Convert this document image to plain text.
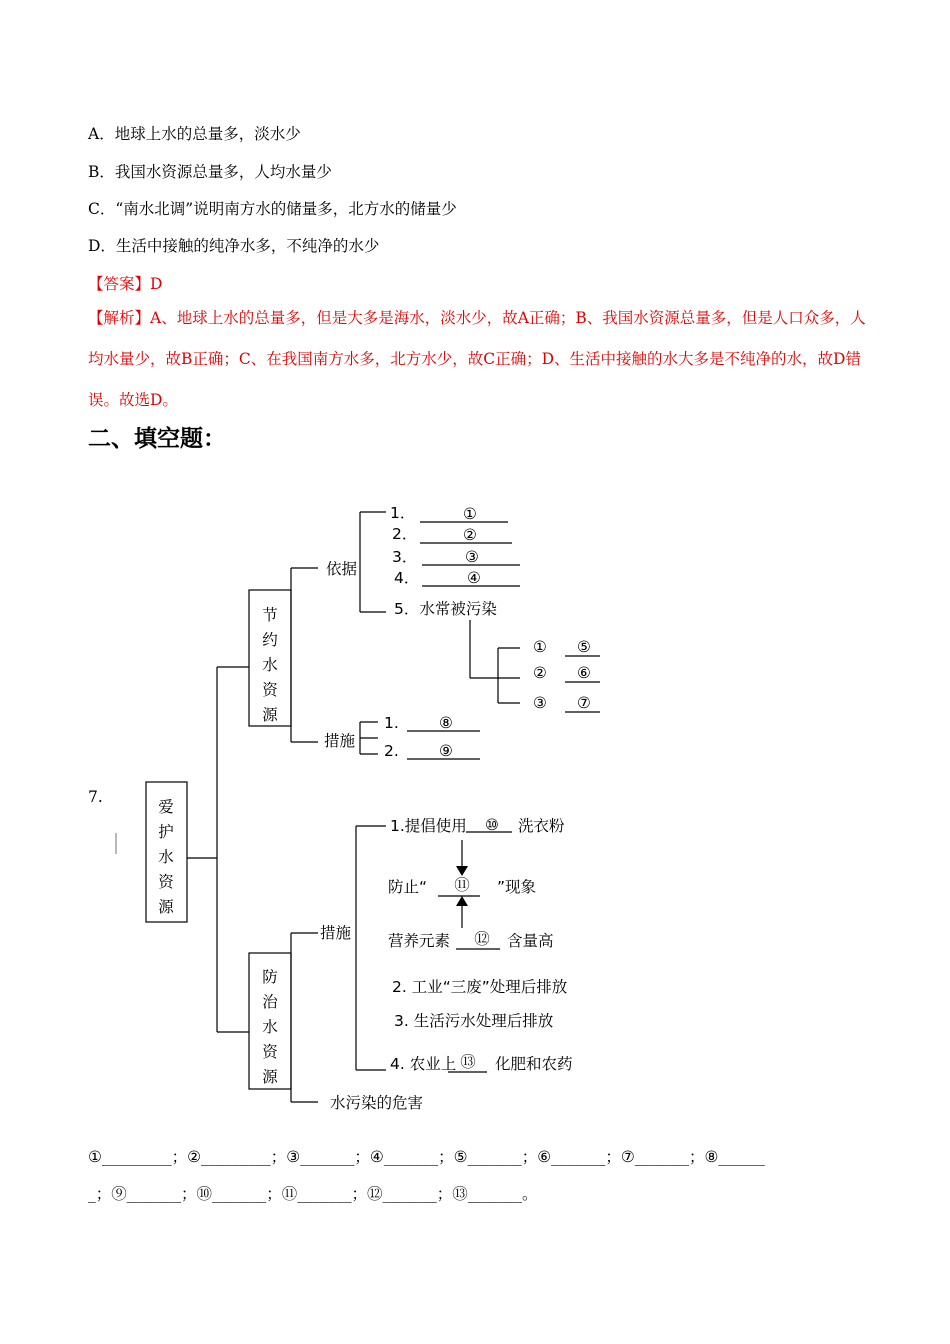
A．地球上水的总量多，淡水少
B．我国水资源总量多，人均水量少
C．“南水北调”说明南方水的储量多，北方水的储量少
D．生活中接触的纯净水多，不纯净的水少
【答案】D
【解析】A、地球上水的总量多，但是大多是海水，淡水少，故A正确；B、我国水资源总量多，但是人口众多，人均水量少，故B正确；C、在我国南方水多，北方水少，故C正确；D、生活中接触的水大多是不纯净的水，故D错误。故选D。
二、填空题：
7.
爱
护
水
资
源
节
约
水
资
源
防
治
水
资
源
依据
措施
措施
1．
2．
3．
4．
①
②
③
④
5．水常被污染
①
②
③
⑤
⑥
⑦
1.
2.
⑧
⑨
1.提倡使用 ⑩ 洗衣粉
防止“ ⑪ ”现象
营养元素 ⑫ 含量高
2. 工业“三废”处理后排放
3. 生活污水处理后排放
4. 农业上 ⑬ 化肥和农药
水污染的危害
①_________；②_________；③_______；④_______；⑤_______；⑥_______；⑦_______；⑧______
_；⑨_______；⑩_______；⑪_______；⑫_______；⑬_______。
